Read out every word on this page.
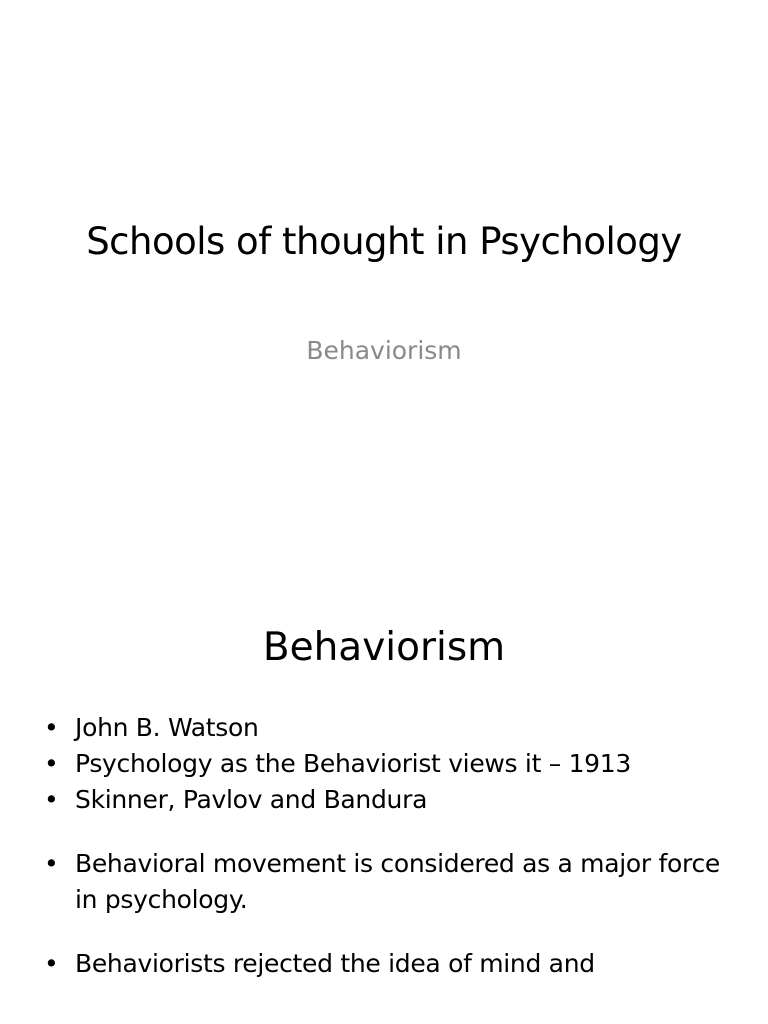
Schools of thought in Psychology
Behaviorism
Behaviorism
• John B. Watson
• Psychology as the Behaviorist views it – 1913
• Skinner, Pavlov and Bandura
• Behavioral movement is considered as a major force in psychology.
• Behaviorists rejected the idea of mind and
